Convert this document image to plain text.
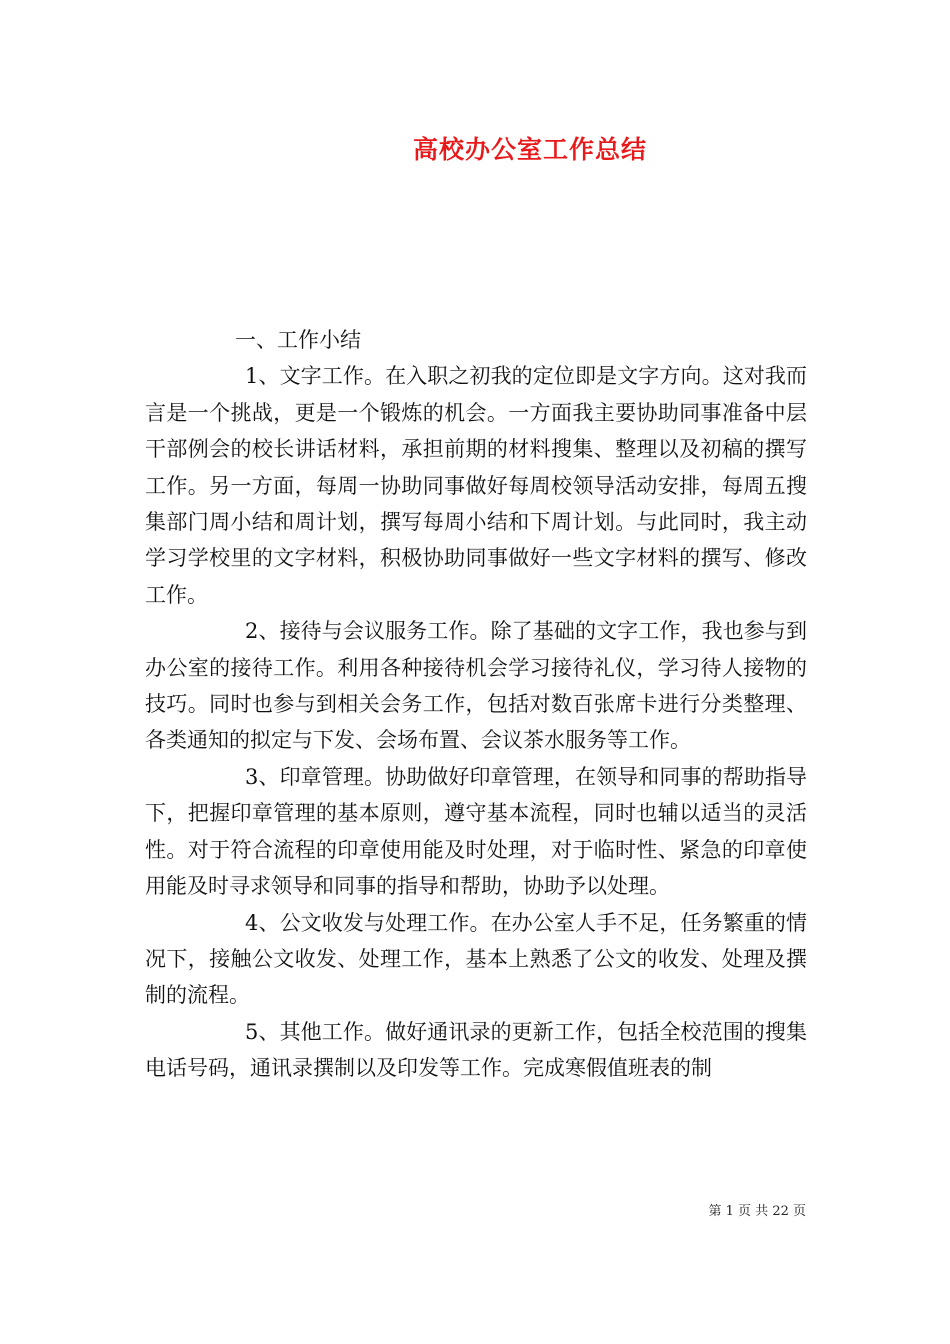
高校办公室工作总结

一、工作小结

1、文字工作。在入职之初我的定位即是文字方向。这对我而言是一个挑战，更是一个锻炼的机会。一方面我主要协助同事准备中层干部例会的校长讲话材料，承担前期的材料搜集、整理以及初稿的撰写工作。另一方面，每周一协助同事做好每周校领导活动安排，每周五搜集部门周小结和周计划，撰写每周小结和下周计划。与此同时，我主动学习学校里的文字材料，积极协助同事做好一些文字材料的撰写、修改工作。

2、接待与会议服务工作。除了基础的文字工作，我也参与到办公室的接待工作。利用各种接待机会学习接待礼仪，学习待人接物的技巧。同时也参与到相关会务工作，包括对数百张席卡进行分类整理、各类通知的拟定与下发、会场布置、会议茶水服务等工作。

3、印章管理。协助做好印章管理，在领导和同事的帮助指导下，把握印章管理的基本原则，遵守基本流程，同时也辅以适当的灵活性。对于符合流程的印章使用能及时处理，对于临时性、紧急的印章使用能及时寻求领导和同事的指导和帮助，协助予以处理。

4、公文收发与处理工作。在办公室人手不足，任务繁重的情况下，接触公文收发、处理工作，基本上熟悉了公文的收发、处理及撰制的流程。

5、其他工作。做好通讯录的更新工作，包括全校范围的搜集电话号码，通讯录撰制以及印发等工作。完成寒假值班表的制

第 1 页 共 22 页
